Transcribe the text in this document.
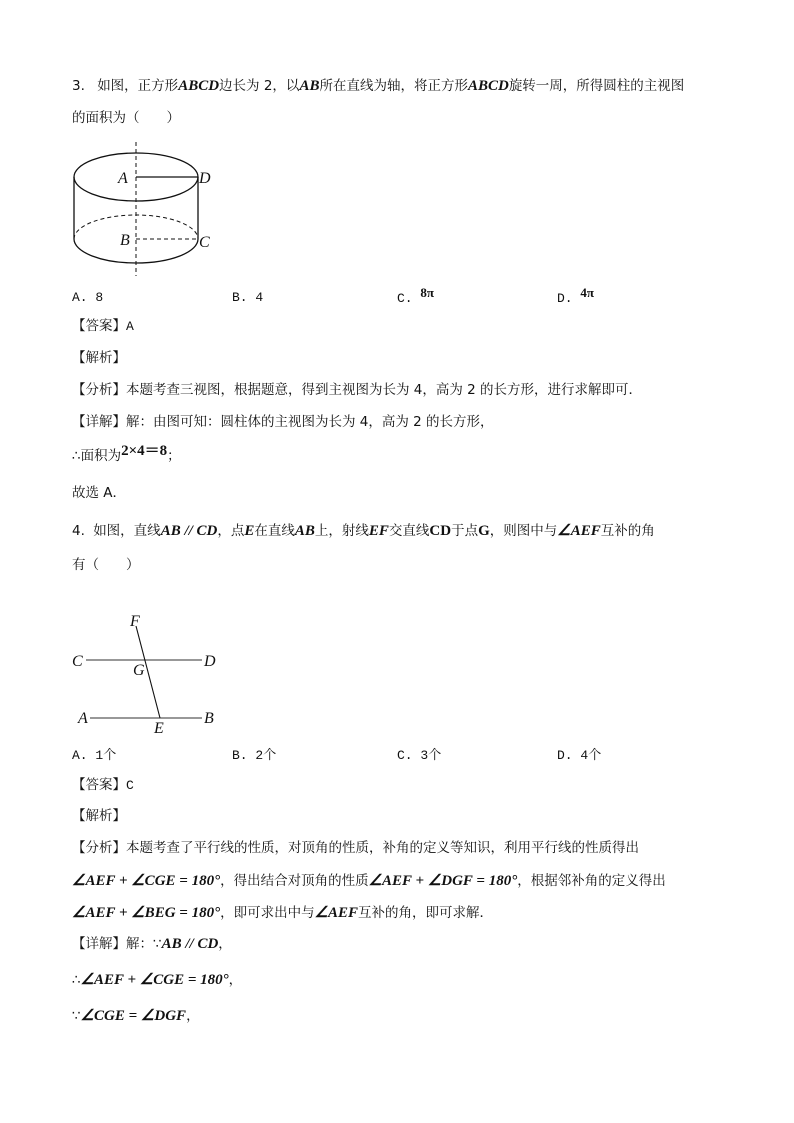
3. 如图，正方形ABCD边长为 2，以AB所在直线为轴，将正方形ABCD旋转一周，所得圆柱的主视图
的面积为（　　）
A	D
B	C
A. 8	B. 4	C. 8π	D. 4π
【答案】A
【解析】
【分析】本题考查三视图，根据题意，得到主视图为长为 4，高为 2 的长方形，进行求解即可．
【详解】解：由图可知：圆柱体的主视图为长为 4，高为 2 的长方形，
∴面积为2×4＝8；
故选 A．
4. 如图，直线AB // CD，点E在直线AB上，射线EF交直线CD于点G，则图中与∠AEF互补的角
有（　　）
F
C	D
G
A	B
E
A. 1个	B. 2个	C. 3个	D. 4个
【答案】C
【解析】
【分析】本题考查了平行线的性质，对顶角的性质，补角的定义等知识，利用平行线的性质得出
∠AEF + ∠CGE = 180°，得出结合对顶角的性质∠AEF + ∠DGF = 180°，根据邻补角的定义得出
∠AEF + ∠BEG = 180°，即可求出中与∠AEF互补的角，即可求解．
【详解】解：∵AB // CD，
∴∠AEF + ∠CGE = 180°，
∵∠CGE = ∠DGF，
